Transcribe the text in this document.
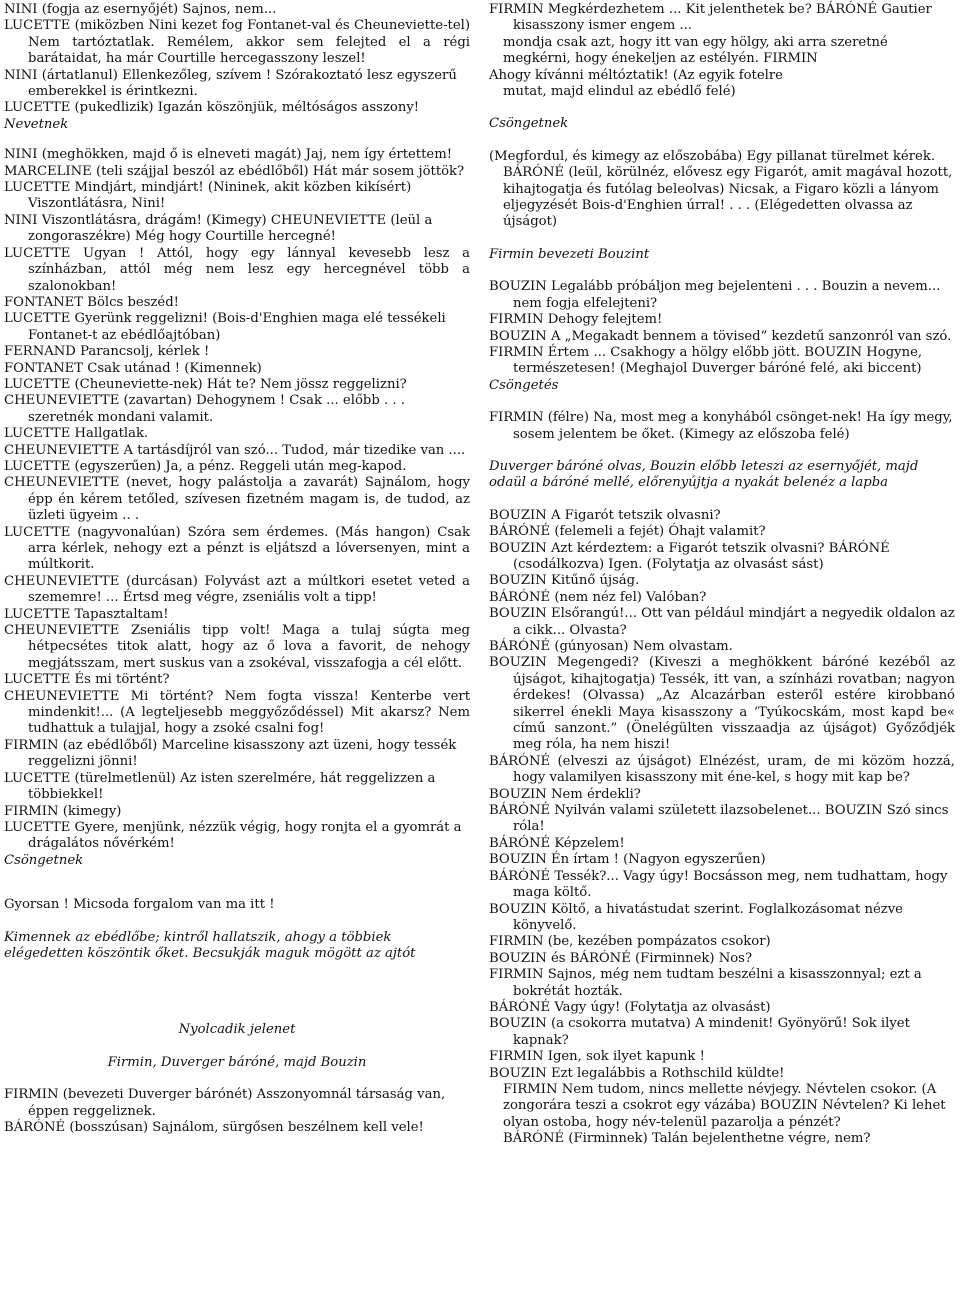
NINI (fogja az esernyőjét) Sajnos, nem...

LUCETTE (miközben Nini kezet fog Fontanet-val és Cheuneviette-tel) Nem tartóztatlak. Remélem, akkor sem felejted el a régi barátaidat, ha már Courtille hercegasszony leszel!

NINI (ártatlanul) Ellenkezőleg, szívem ! Szórakoztató lesz egyszerű emberekkel is érintkezni.

LUCETTE (pukedlizik) Igazán köszönjük, méltóságos asszony!

Nevetnek

NINI (meghökken, majd ő is elneveti magát) Jaj, nem így értettem!

MARCELINE (teli szájjal beszól az ebédlőből) Hát már sosem jöttök?

LUCETTE Mindjárt, mindjárt! (Nininek, akit közben kikísért) Viszontlátásra, Nini!

NINI Viszontlátásra, drágám! (Kimegy) CHEUNEVIETTE (leül a zongoraszékre) Még hogy Courtille hercegné!

LUCETTE Ugyan ! Attól, hogy egy lánnyal kevesebb lesz a színházban, attól még nem lesz egy hercegnével több a szalonokban!

FONTANET Bölcs beszéd!

LUCETTE Gyerünk reggelizni! (Bois-d'Enghien maga elé tessékeli Fontanet-t az ebédlőajtóban)

FERNAND Parancsolj, kérlek !

FONTANET Csak utánad ! (Kimennek)

LUCETTE (Cheuneviette-nek) Hát te? Nem jössz reggelizni?

CHEUNEVIETTE (zavartan) Dehogynem ! Csak ... előbb . . . szeretnék mondani valamit.

LUCETTE Hallgatlak.

CHEUNEVIETTE A tartásdíjról van szó... Tudod, már tizedike van ....

LUCETTE (egyszerűen) Ja, a pénz. Reggeli után meg-kapod.

CHEUNEVIETTE (nevet, hogy palástolja a zavarát) Sajnálom, hogy épp én kérem tetőled, szívesen fizetném magam is, de tudod, az üzleti ügyeim .. .

LUCETTE (nagyvonalúan) Szóra sem érdemes. (Más hangon) Csak arra kérlek, nehogy ezt a pénzt is eljátszd a lóversenyen, mint a múltkorit.

CHEUNEVIETTE (durcásan) Folyvást azt a múltkori esetet veted a szememre! ... Értsd meg végre, zseniális volt a tipp!

LUCETTE Tapasztaltam!

CHEUNEVIETTE Zseniális tipp volt! Maga a tulaj súgta meg hétpecsétes titok alatt, hogy az ő lova a favorit, de nehogy megjátsszam, mert suskus van a zsokéval, visszafogja a cél előtt.

LUCETTE És mi történt?

CHEUNEVIETTE Mi történt? Nem fogta vissza! Kenterbe vert mindenkit!... (A legteljesebb meggyőződéssel) Mit akarsz? Nem tudhattuk a tulajjal, hogy a zsoké csalni fog!

FIRMIN (az ebédlőből) Marceline kisasszony azt üzeni, hogy tessék reggelizni jönni!

LUCETTE (türelmetlenül) Az isten szerelmére, hát reggelizzen a többiekkel!

FIRMIN (kimegy)

LUCETTE Gyere, menjünk, nézzük végig, hogy ronjta el a gyomrát a drágalátos nővérkém!

Csöngetnek

Gyorsan ! Micsoda forgalom van ma itt !

Kimennek az ebédlőbe; kintről hallatszik, ahogy a többiek elégedetten köszöntik őket. Becsukják maguk mögött az ajtót

Nyolcadik jelenet

Firmin, Duverger báróné, majd Bouzin

FIRMIN (bevezeti Duverger bárónét) Asszonyomnál társaság van, éppen reggeliznek.

BÁRÓNÉ (bosszúsan) Sajnálom, sürgősen beszélnem kell vele!

FIRMIN Megkérdezhetem ... Kit jelenthetek be? BÁRÓNÉ Gautier kisasszony ismer engem ...

mondja csak azt, hogy itt van egy hölgy, aki arra szeretné megkérni, hogy énekeljen az estélyén. FIRMIN

Ahogy kívánni méltóztatik! (Az egyik fotelre

mutat, majd elindul az ebédlő felé)

Csöngetnek

(Megfordul, és kimegy az előszobába) Egy pillanat türelmet kérek.

BÁRÓNÉ (leül, körülnéz, elővesz egy Figarót, amit magával hozott, kihajtogatja és futólag beleolvas) Nicsak, a Figaro közli a lányom eljegyzését Bois-d'Enghien úrral! . . . (Elégedetten olvassa az újságot)

Firmin bevezeti Bouzint

BOUZIN Legalább próbáljon meg bejelenteni . . . Bouzin a nevem... nem fogja elfelejteni?

FIRMIN Dehogy felejtem!

BOUZIN A „Megakadt bennem a tövised” kezdetű sanzonról van szó.

FIRMIN Értem ... Csakhogy a hölgy előbb jött. BOUZIN Hogyne, természetesen! (Meghajol Duverger báróné felé, aki biccent)

Csöngetés

FIRMIN (félre) Na, most meg a konyhából csönget-nek! Ha így megy, sosem jelentem be őket. (Kimegy az előszoba felé)

Duverger báróné olvas, Bouzin előbb leteszi az esernyőjét, majd odaül a báróné mellé, előrenyújtja a nyakát belenéz a lapba

BOUZIN A Figarót tetszik olvasni?

BÁRÓNÉ (felemeli a fejét) Óhajt valamit?

BOUZIN Azt kérdeztem: a Figarót tetszik olvasni? BÁRÓNÉ (csodálkozva) Igen. (Folytatja az olvasást sást)

BOUZIN Kitűnő újság.

BÁRÓNÉ (nem néz fel) Valóban?

BOUZIN Elsőrangú!... Ott van például mindjárt a negyedik oldalon az a cikk... Olvasta?

BÁRÓNÉ (gúnyosan) Nem olvastam.

BOUZIN Megengedi? (Kiveszi a meghökkent báróné kezéből az újságot, kihajtogatja) Tessék, itt van, a színházi rovatban; nagyon érdekes! (Olvassa) „Az Alcazárban esteről estére kirobbanó sikerrel énekli Maya kisasszony a ‘Tyúkocskám, most kapd be« című sanzont.” (Önelégülten visszaadja az újságot) Győződjék meg róla, ha nem hiszi!

BÁRÓNÉ (elveszi az újságot) Elnézést, uram, de mi közöm hozzá, hogy valamilyen kisasszony mit éne-kel, s hogy mit kap be?

BOUZIN Nem érdekli?

BÁRÓNÉ Nyilván valami született ilazsobelenet... BOUZIN Szó sincs róla!

BÁRÓNÉ Képzelem!

BOUZIN Én írtam ! (Nagyon egyszerűen)

BÁRÓNÉ Tessék?... Vagy úgy! Bocsásson meg, nem tudhattam, hogy maga költő.

BOUZIN Költő, a hivatástudat szerint. Foglalkozásomat nézve könyvelő.

FIRMIN (be, kezében pompázatos csokor)

BOUZIN és BÁRÓNÉ (Firminnek) Nos?

FIRMIN Sajnos, még nem tudtam beszélni a kisasszonnyal; ezt a bokrétát hozták.

BÁRÓNÉ Vagy úgy! (Folytatja az olvasást)

BOUZIN (a csokorra mutatva) A mindenit! Gyönyörű! Sok ilyet kapnak?

FIRMIN Igen, sok ilyet kapunk !

BOUZIN Ezt legalábbis a Rothschild küldte!

FIRMIN Nem tudom, nincs mellette névjegy. Névtelen csokor. (A zongorára teszi a csokrot egy vázába) BOUZIN Névtelen? Ki lehet olyan ostoba, hogy név-telenül pazarolja a pénzét?

BÁRÓNÉ (Firminnek) Talán bejelenthetne végre, nem?
